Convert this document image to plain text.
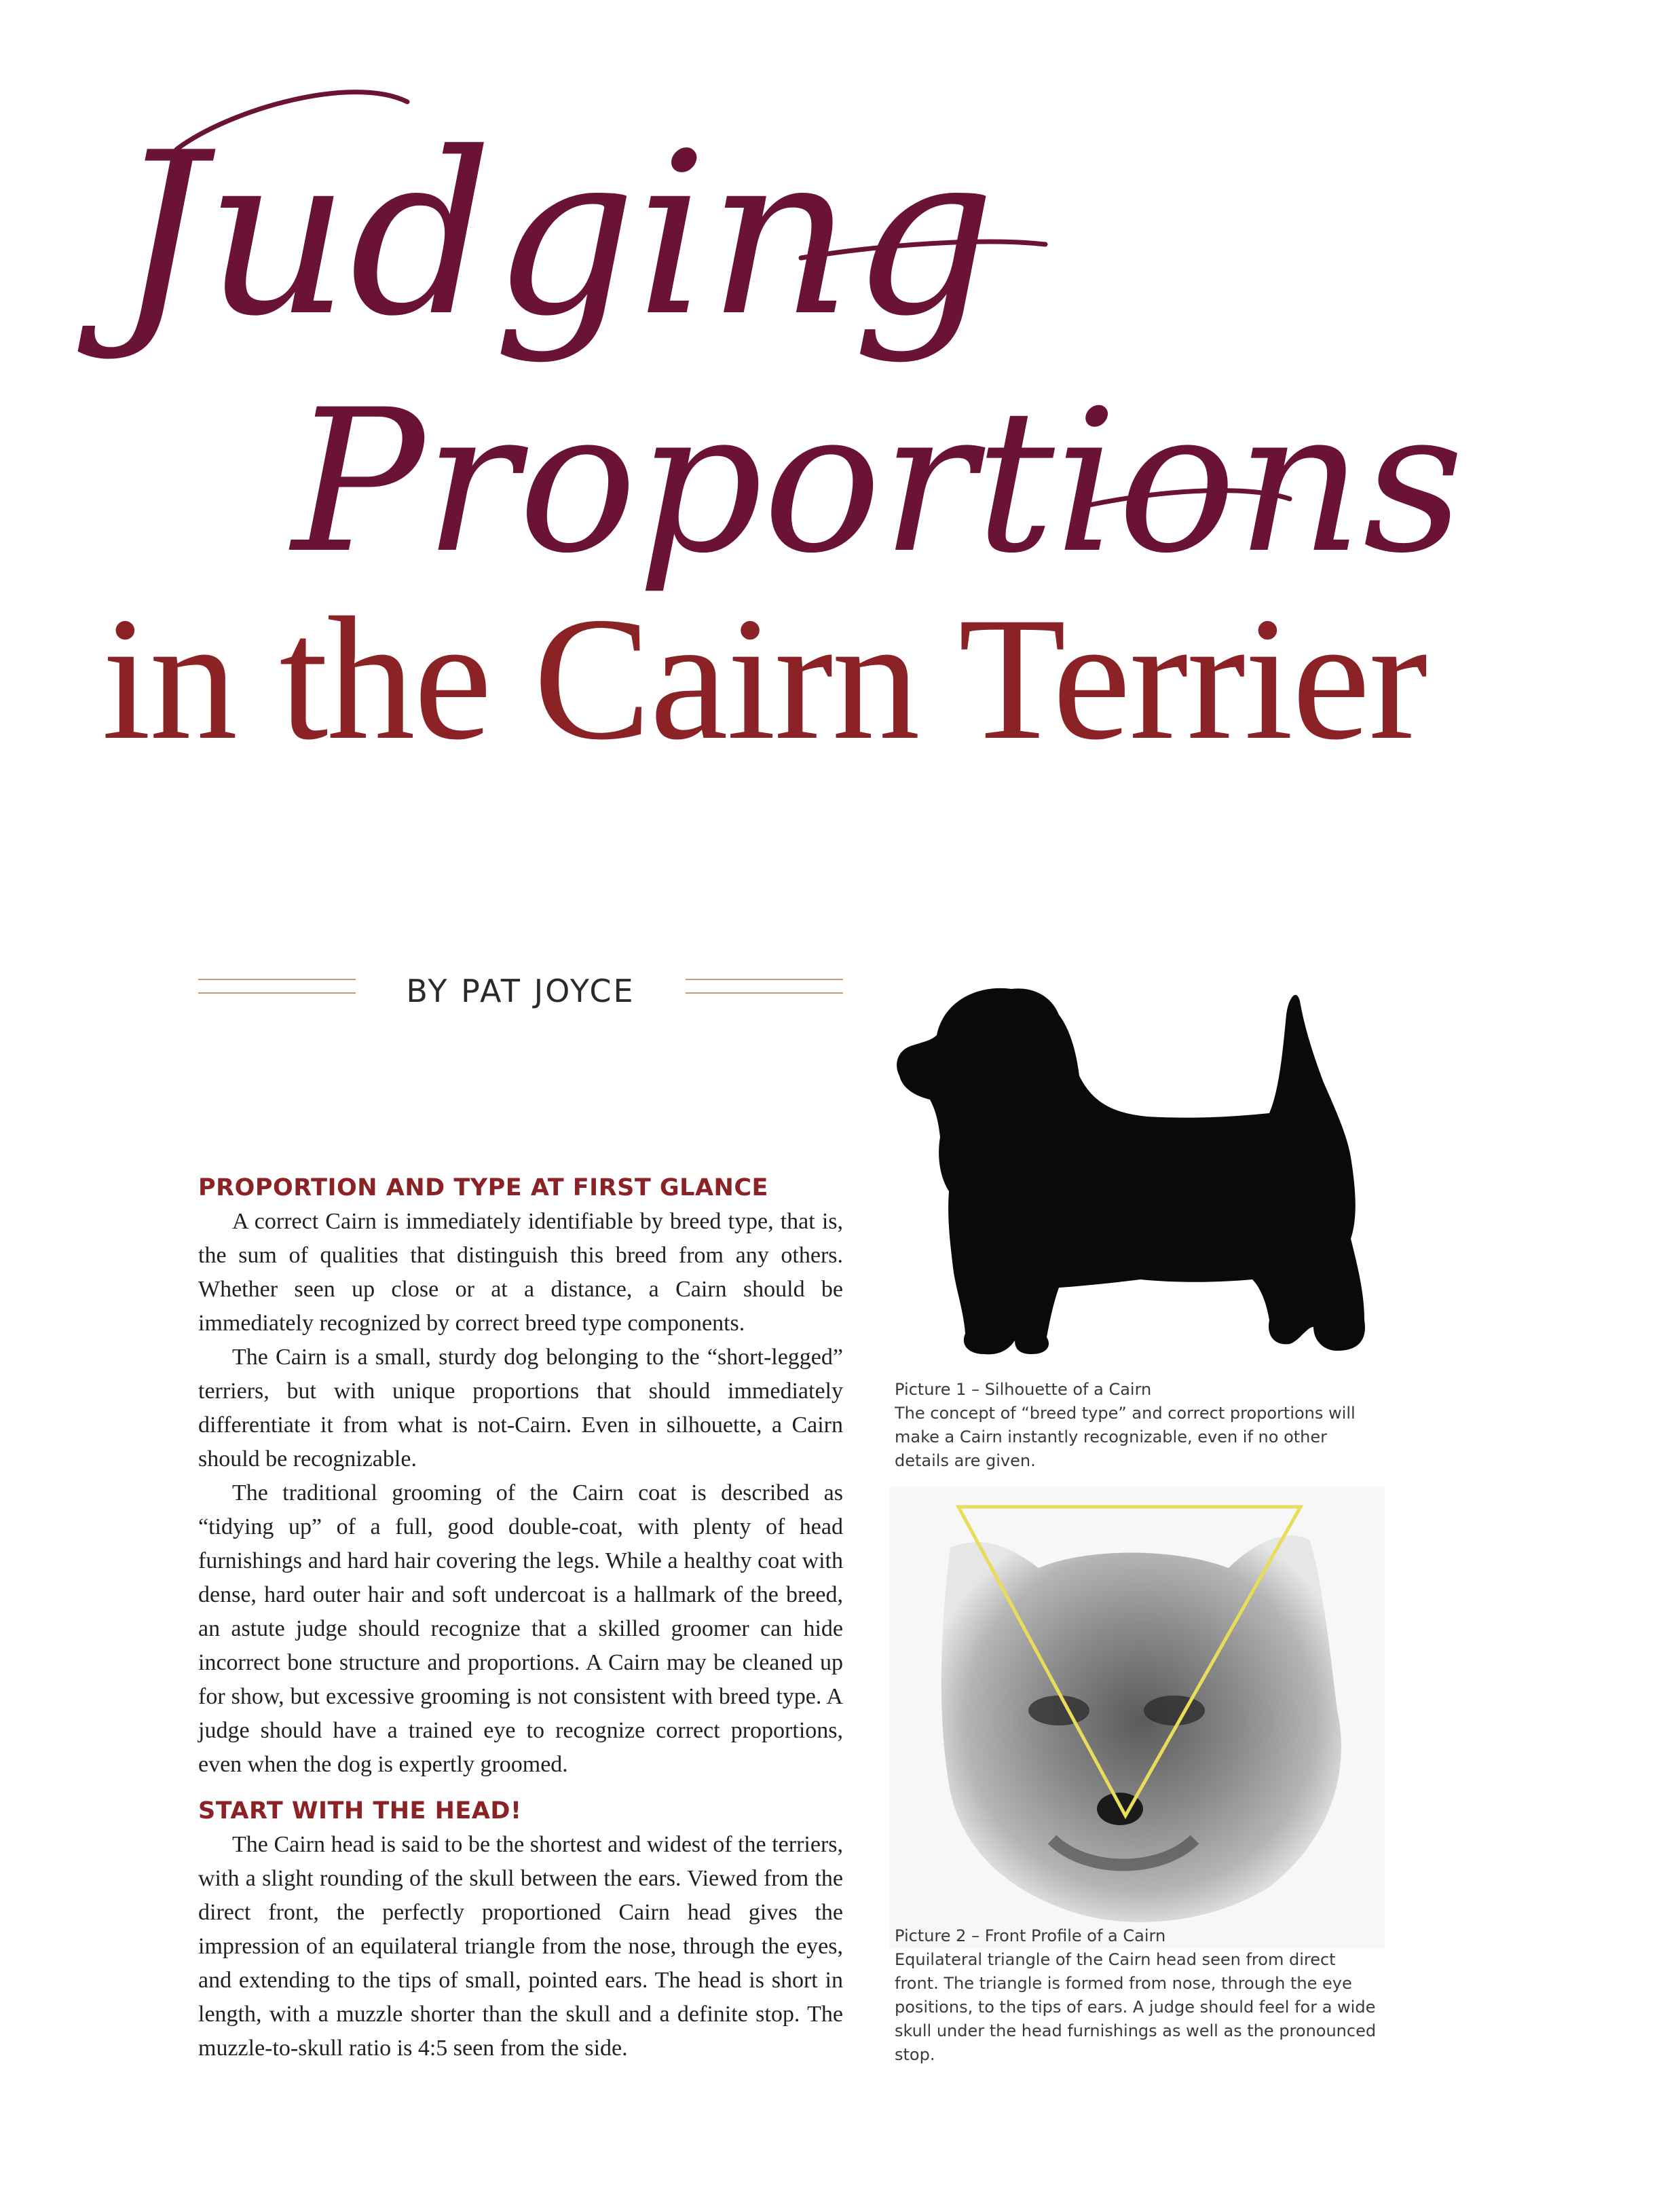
Judging
Proportions
in the Cairn Terrier
BY PAT JOYCE
PROPORTION AND TYPE AT FIRST GLANCE

A correct Cairn is immediately identifiable by breed type, that is, the sum of qualities that distinguish this breed from any others. Whether seen up close or at a distance, a Cairn should be immediately recognized by correct breed type components.

The Cairn is a small, sturdy dog belonging to the “short-legged” terriers, but with unique proportions that should immediately differentiate it from what is not-Cairn. Even in silhouette, a Cairn should be recognizable.

The traditional grooming of the Cairn coat is described as “tidying up” of a full, good double-coat, with plenty of head furnishings and hard hair covering the legs. While a healthy coat with dense, hard outer hair and soft undercoat is a hallmark of the breed, an astute judge should recognize that a skilled groomer can hide incorrect bone structure and proportions. A Cairn may be cleaned up for show, but excessive grooming is not consistent with breed type. A judge should have a trained eye to recognize correct proportions, even when the dog is expertly groomed.

START WITH THE HEAD!

The Cairn head is said to be the shortest and widest of the terriers, with a slight rounding of the skull between the ears. Viewed from the direct front, the perfectly proportioned Cairn head gives the impression of an equilateral triangle from the nose, through the eyes, and extending to the tips of small, pointed ears. The head is short in length, with a muzzle shorter than the skull and a definite stop. The muzzle-to-skull ratio is 4:5 seen from the side.

Picture 1 – Silhouette of a Cairn
The concept of “breed type” and correct proportions will make a Cairn instantly recognizable, even if no other details are given.

Picture 2 – Front Profile of a Cairn
Equilateral triangle of the Cairn head seen from direct front. The triangle is formed from nose, through the eye positions, to the tips of ears. A judge should feel for a wide skull under the head furnishings as well as the pronounced stop.
